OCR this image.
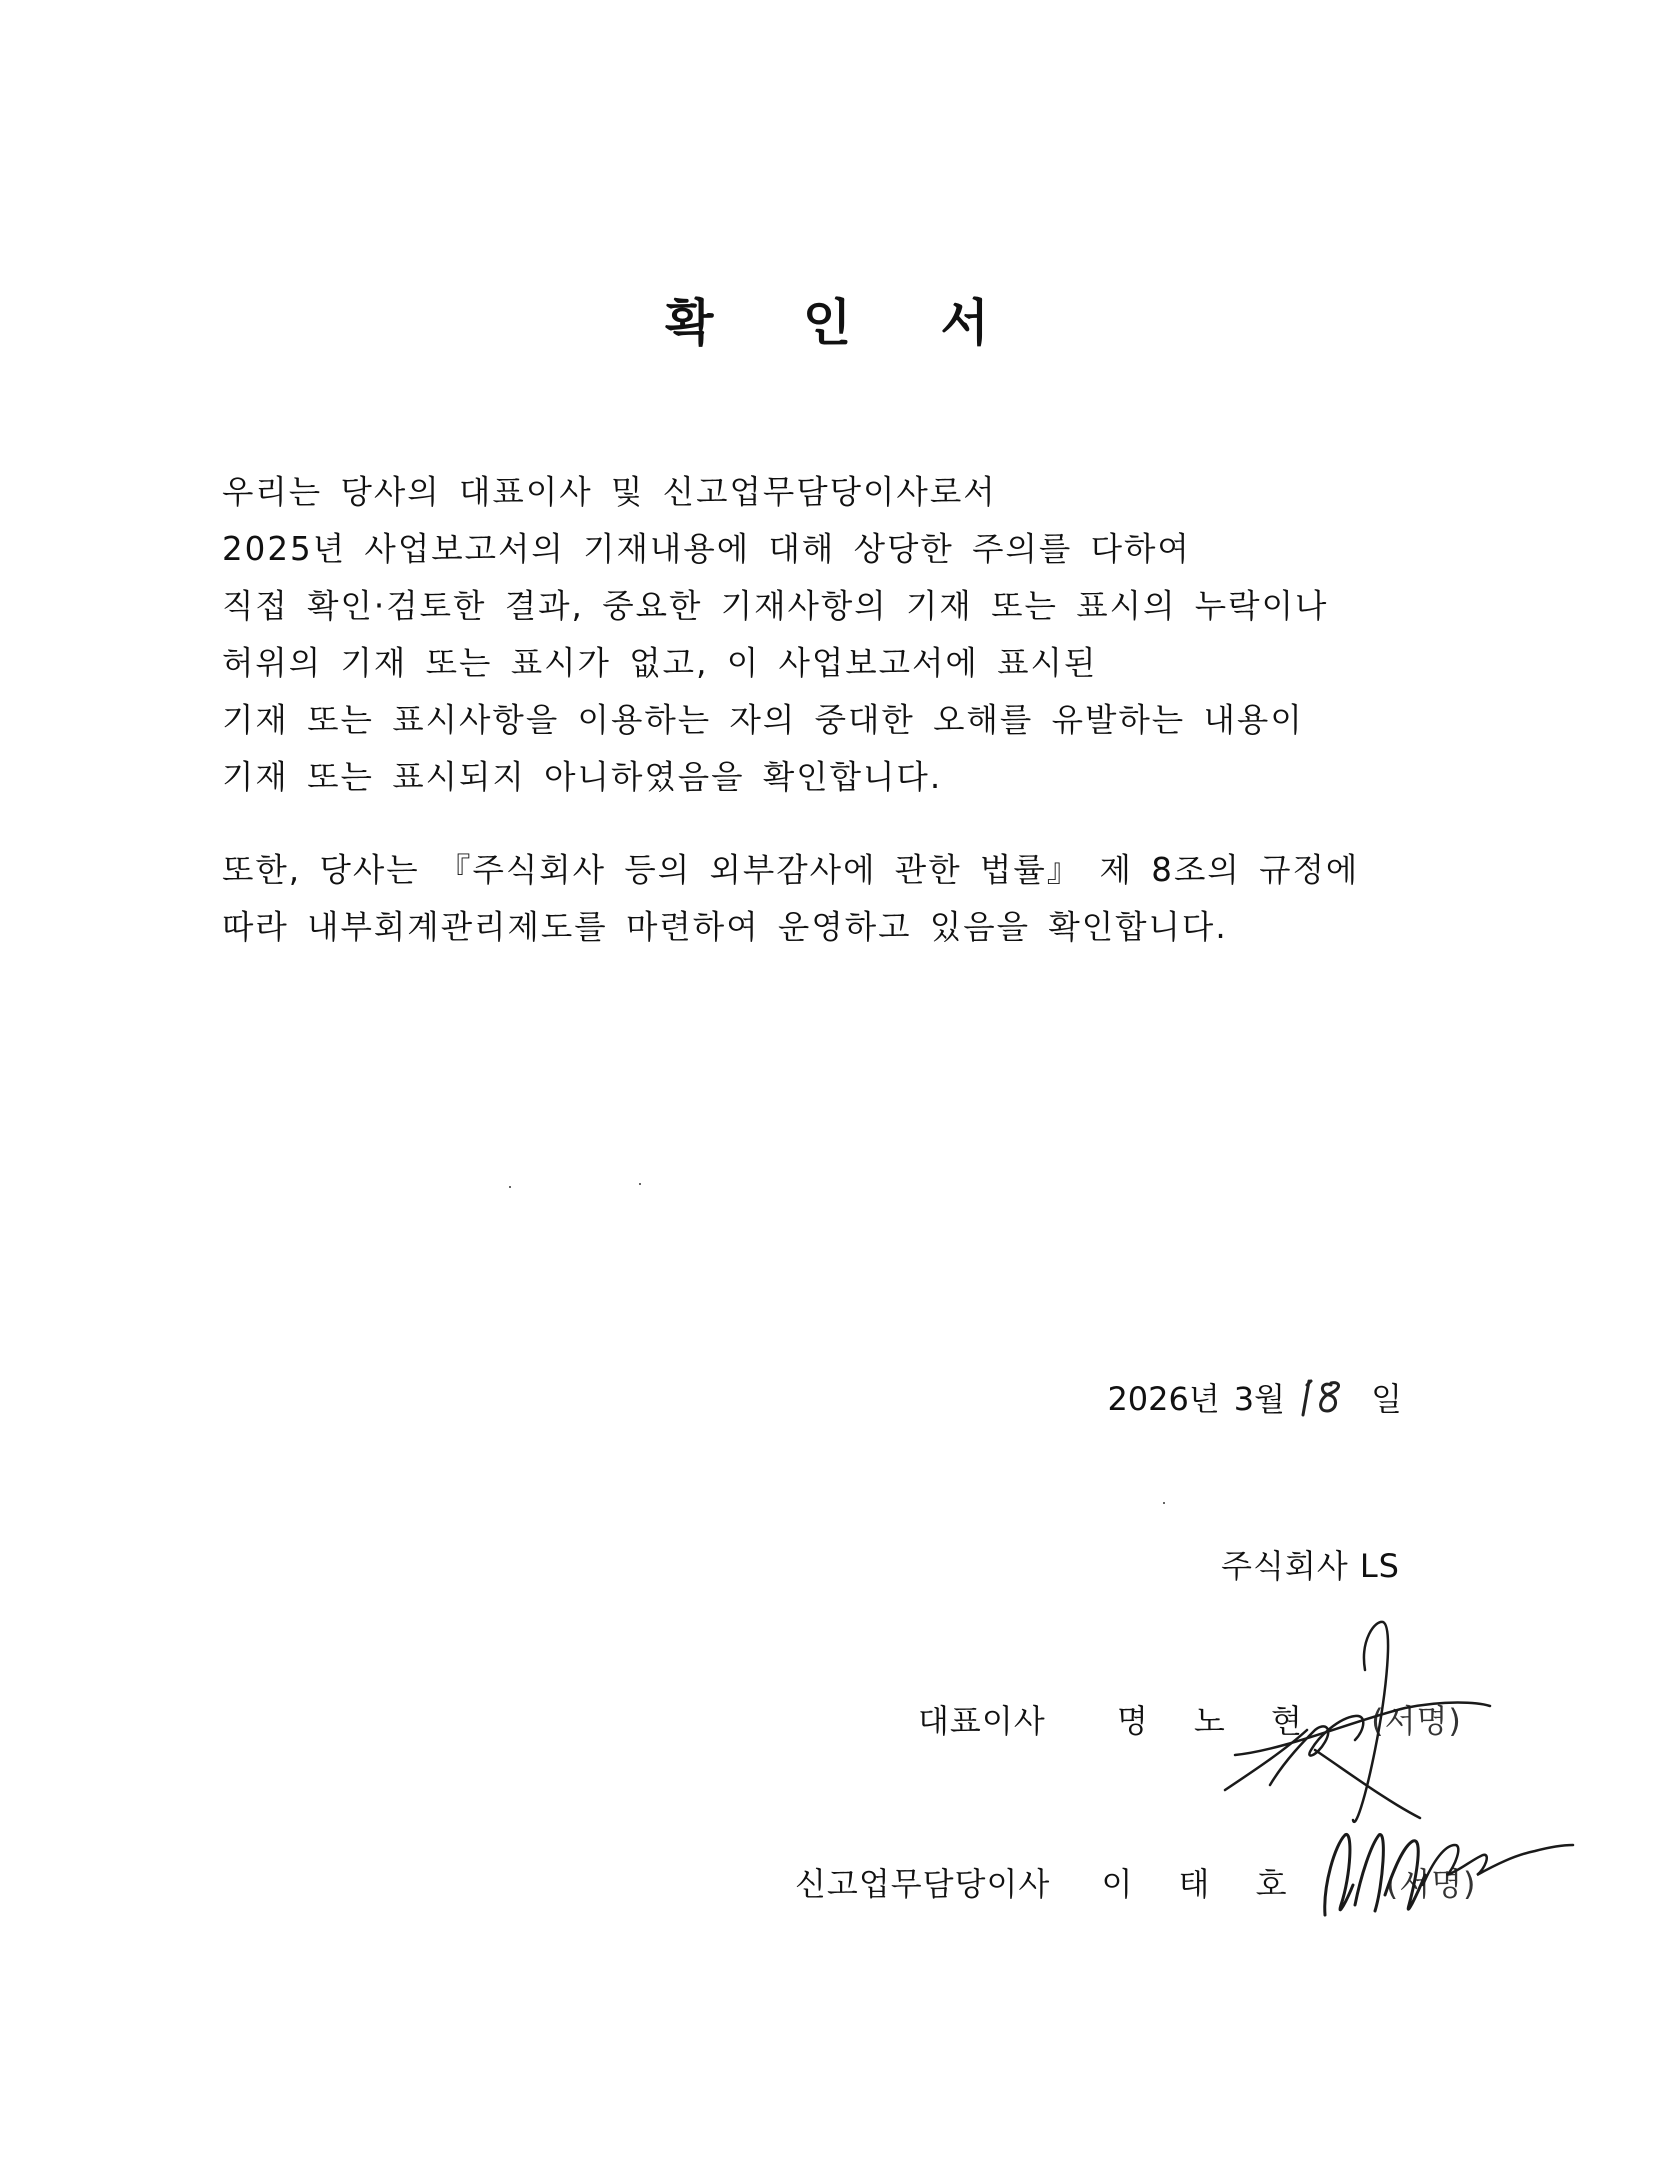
확 인 서
우리는 당사의 대표이사 및 신고업무담당이사로서
2025년 사업보고서의 기재내용에 대해 상당한 주의를 다하여
직접 확인·검토한 결과, 중요한 기재사항의 기재 또는 표시의 누락이나
허위의 기재 또는 표시가 없고, 이 사업보고서에 표시된
기재 또는 표시사항을 이용하는 자의 중대한 오해를 유발하는 내용이
기재 또는 표시되지 아니하였음을 확인합니다.
또한, 당사는 『주식회사 등의 외부감사에 관한 법률』 제 8조의 규정에
따라 내부회계관리제도를 마련하여 운영하고 있음을 확인합니다.
2026년 3월	일
주식회사 LS
대표이사 명 노 현 (서명)
신고업무담당이사 이 태 호	(서명)
